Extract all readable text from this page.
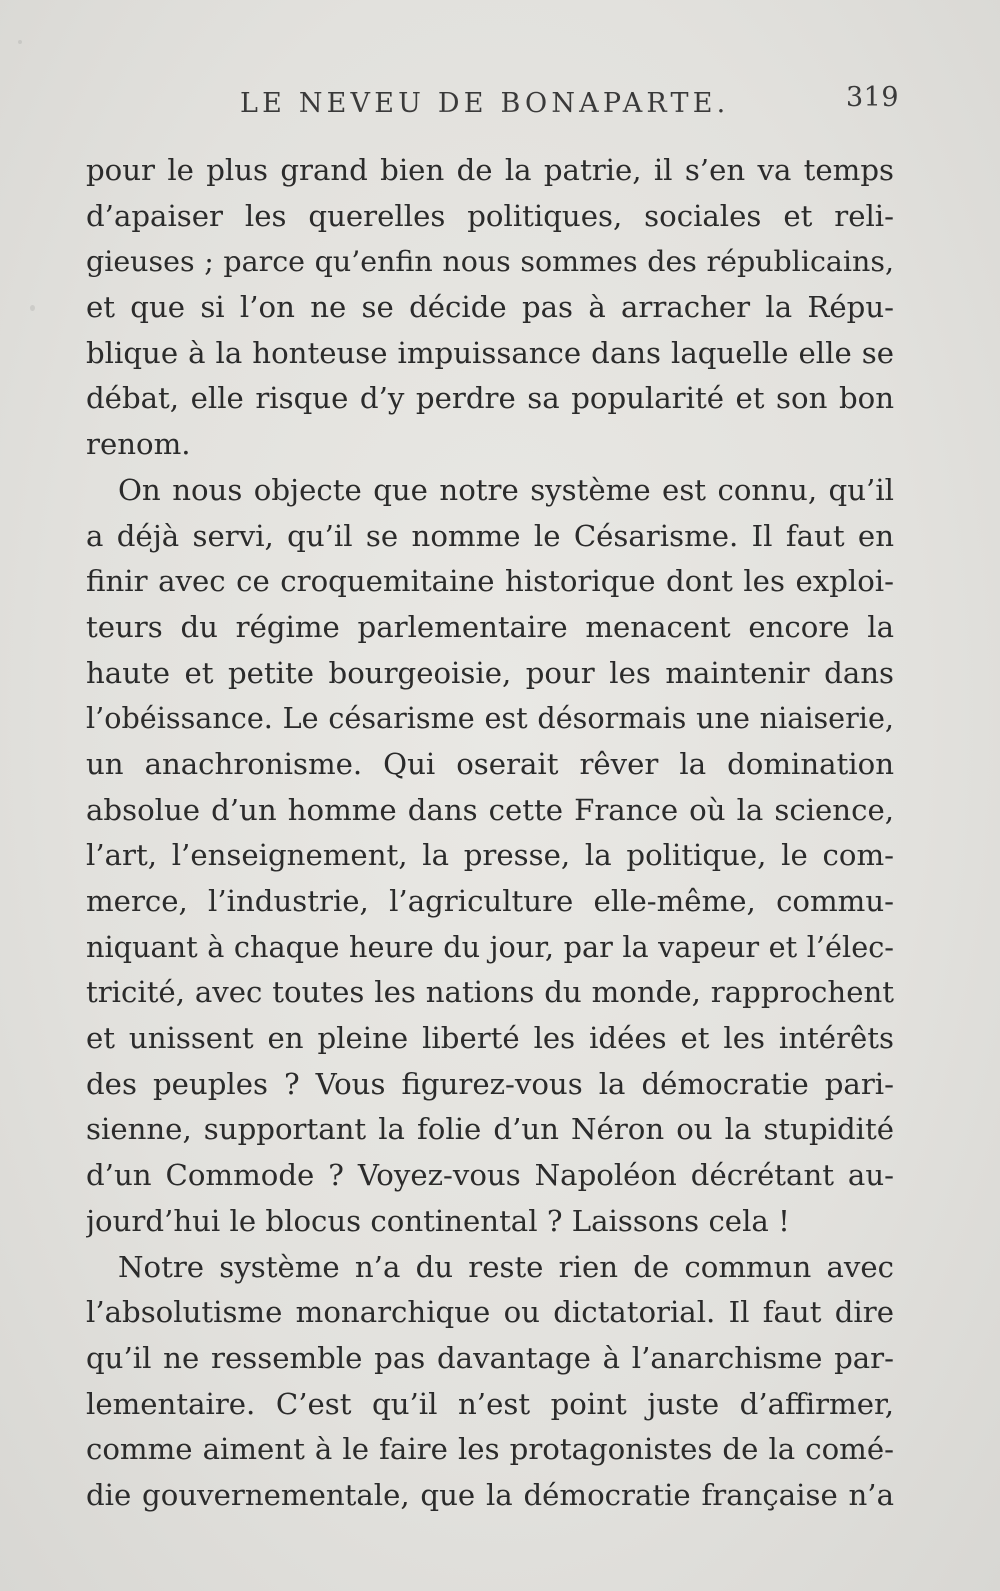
LE NEVEU DE BONAPARTE.	319
pour le plus grand bien de la patrie, il s’en va temps
d’apaiser les querelles politiques, sociales et reli-
gieuses ; parce qu’enfin nous sommes des républicains,
et que si l’on ne se décide pas à arracher la Répu-
blique à la honteuse impuissance dans laquelle elle se
débat, elle risque d’y perdre sa popularité et son bon
renom.
On nous objecte que notre système est connu, qu’il
a déjà servi, qu’il se nomme le Césarisme. Il faut en
finir avec ce croquemitaine historique dont les exploi-
teurs du régime parlementaire menacent encore la
haute et petite bourgeoisie, pour les maintenir dans
l’obéissance. Le césarisme est désormais une niaiserie,
un anachronisme. Qui oserait rêver la domination
absolue d’un homme dans cette France où la science,
l’art, l’enseignement, la presse, la politique, le com-
merce, l’industrie, l’agriculture elle-même, commu-
niquant à chaque heure du jour, par la vapeur et l’élec-
tricité, avec toutes les nations du monde, rapprochent
et unissent en pleine liberté les idées et les intérêts
des peuples ? Vous figurez-vous la démocratie pari-
sienne, supportant la folie d’un Néron ou la stupidité
d’un Commode ? Voyez-vous Napoléon décrétant au-
jourd’hui le blocus continental ? Laissons cela !
Notre système n’a du reste rien de commun avec
l’absolutisme monarchique ou dictatorial. Il faut dire
qu’il ne ressemble pas davantage à l’anarchisme par-
lementaire. C’est qu’il n’est point juste d’affirmer,
comme aiment à le faire les protagonistes de la comé-
die gouvernementale, que la démocratie française n’a
